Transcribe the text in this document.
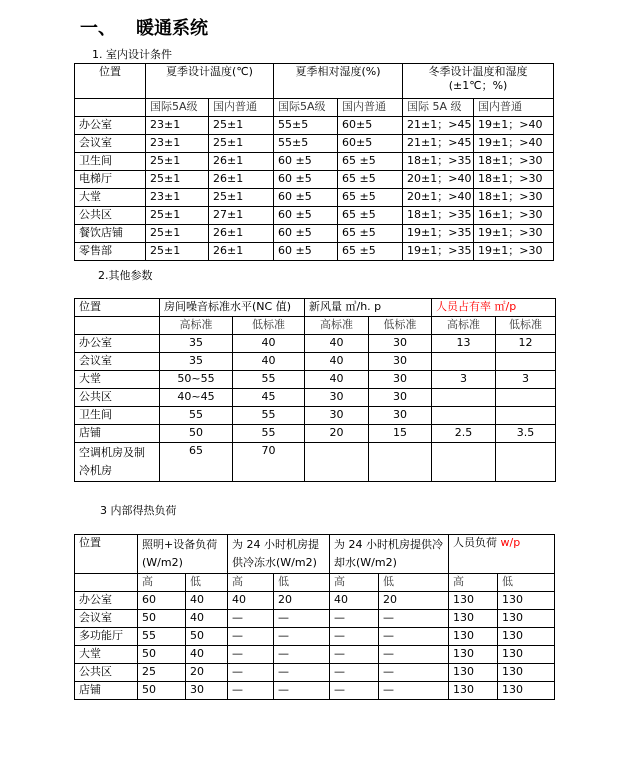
一、 暖通系统
1. 室内设计条件
位置	夏季设计温度(℃)		夏季相对湿度(%)		冬季设计温度和湿度
(±1℃；%)	

	国际5A级	国内普通	国际5A级	国内普通	国际 5A 级	国内普通
办公室	23±1	25±1	55±5	60±5	21±1；>45	19±1；>40
会议室	23±1	25±1	55±5	60±5	21±1；>45	19±1；>40
卫生间	25±1	26±1	60 ±5	65 ±5	18±1；>35	18±1；>30
电梯厅	25±1	26±1	60 ±5	65 ±5	20±1；>40	18±1；>30
大堂	23±1	25±1	60 ±5	65 ±5	20±1；>40	18±1；>30
公共区	25±1	27±1	60 ±5	65 ±5	18±1；>35	16±1；>30
餐饮店铺	25±1	26±1	60 ±5	65 ±5	19±1；>35	19±1；>30
零售部	25±1	26±1	60 ±5	65 ±5	19±1；>35	19±1；>30
2.其他参数
位置	房间噪音标准水平(NC 值)		新风量 ㎥/h. p		人员占有率 ㎡/p	
	高标准	低标准	高标准	低标准	高标准	低标准
办公室	35	40	40	30	13	12
会议室	35	40	40	30		
大堂	50~55	55	40	30	3	3
公共区	40~45	45	30	30		
卫生间	55	55	30	30		
店铺	50	55	20	15	2.5	3.5
空调机房及制冷机房	65	70				
3 内部得热负荷
位置	照明+设备负荷(W/m2)		为 24 小时机房提供冷冻水(W/m2)		为 24 小时机房提供冷却水(W/m2)		人员负荷 w/p	
	高	低	高	低	高	低	高	低
办公室	60	40	40	20	40	20	130	130
会议室	50	40	—	—	—	—	130	130
多功能厅	55	50	—	—	—	—	130	130
大堂	50	40	—	—	—	—	130	130
公共区	25	20	—	—	—	—	130	130
店铺	50	30	—	—	—	—	130	130
